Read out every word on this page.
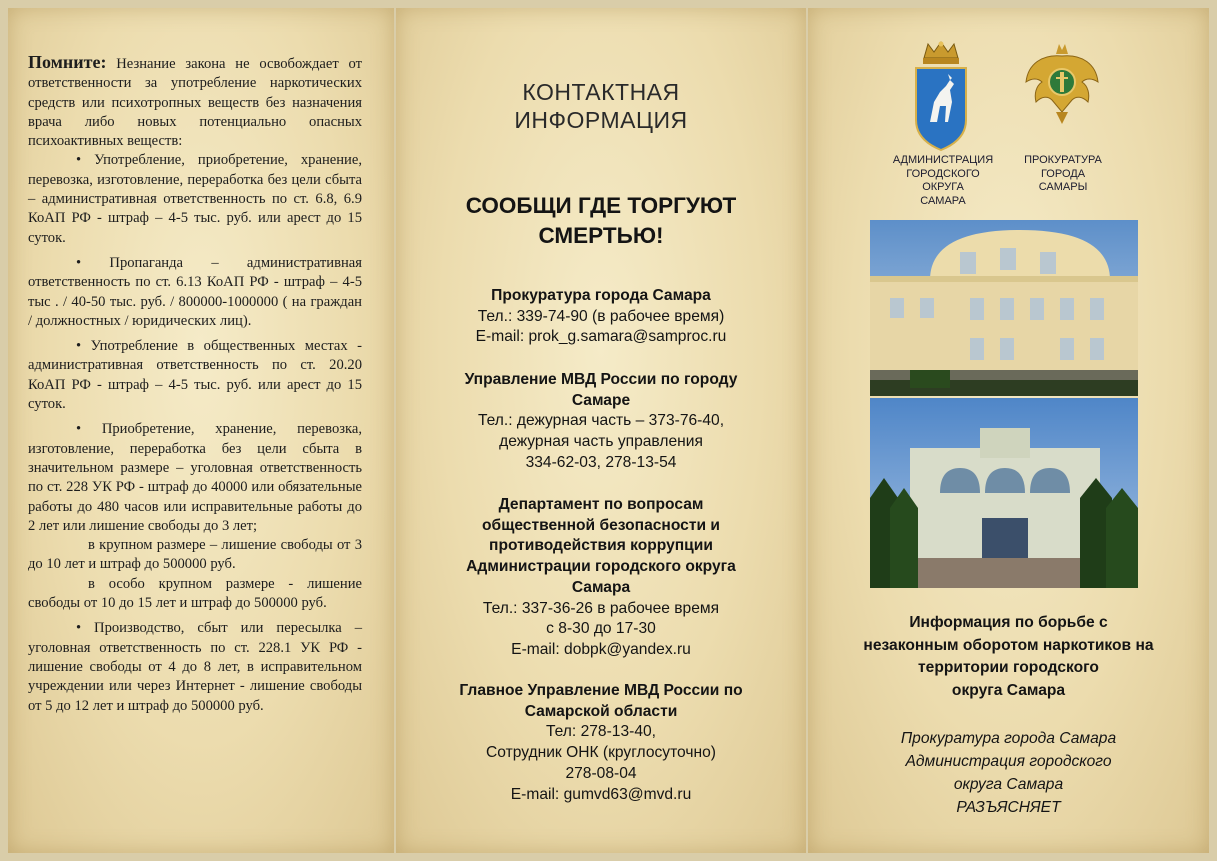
Помните: Незнание закона не освобождает от ответственности за употребление наркотических средств или психотропных веществ без назначения врача либо новых потенциально опасных психоактивных веществ:

• Употребление, приобретение, хранение, перевозка, изготовление, переработка без цели сбыта – административная ответственность по ст. 6.8, 6.9 КоАП РФ - штраф – 4-5 тыс. руб. или арест до 15 суток.

• Пропаганда – административная ответственность по ст. 6.13 КоАП РФ - штраф – 4-5 тыс . / 40-50 тыс. руб. / 800000-1000000 ( на граждан / должностных / юридических лиц).

• Употребление в общественных местах - административная ответственность по ст. 20.20 КоАП РФ - штраф – 4-5 тыс. руб. или арест до 15 суток.

• Приобретение, хранение, перевозка, изготовление, переработка без цели сбыта в значительном размере – уголовная ответственность по ст. 228 УК РФ - штраф до 40000 или обязательные работы до 480 часов или исправительные работы до 2 лет или лишение свободы до 3 лет;

в крупном размере – лишение свободы от 3 до 10 лет и штраф до 500000 руб.

в особо крупном размере - лишение свободы от 10 до 15 лет и штраф до 500000 руб.

• Производство, сбыт или пересылка – уголовная ответственность по ст. 228.1 УК РФ - лишение свободы от 4 до 8 лет, в исправительном учреждении или через Интернет - лишение свободы от 5 до 12 лет и штраф до 500000 руб.

КОНТАКТНАЯ
ИНФОРМАЦИЯ
СООБЩИ ГДЕ ТОРГУЮТ
СМЕРТЬЮ!
Прокуратура города Самара
Тел.: 339-74-90 (в рабочее время)
E-mail: prok_g.samara@samproc.ru
Управление МВД России по городу
Самаре
Тел.: дежурная часть – 373-76-40,
дежурная часть управления
334-62-03, 278-13-54
Департамент по вопросам
общественной безопасности и
противодействия коррупции
Администрации городского округа
Самара
Тел.: 337-36-26 в рабочее время
с 8-30 до 17-30
E-mail: dobpk@yandex.ru
Главное Управление МВД России по
Самарской области
Тел: 278-13-40,
Сотрудник ОНК (круглосуточно)
278-08-04
E-mail: gumvd63@mvd.ru
АДМИНИСТРАЦИЯ
ГОРОДСКОГО ОКРУГА
САМАРА
ПРОКУРАТУРА
ГОРОДА
САМАРЫ
Информация по борьбе с
незаконным оборотом наркотиков на
территории городского
округа Самара
Прокуратура города Самара
Администрация городского
округа Самара
РАЗЪЯСНЯЕТ
